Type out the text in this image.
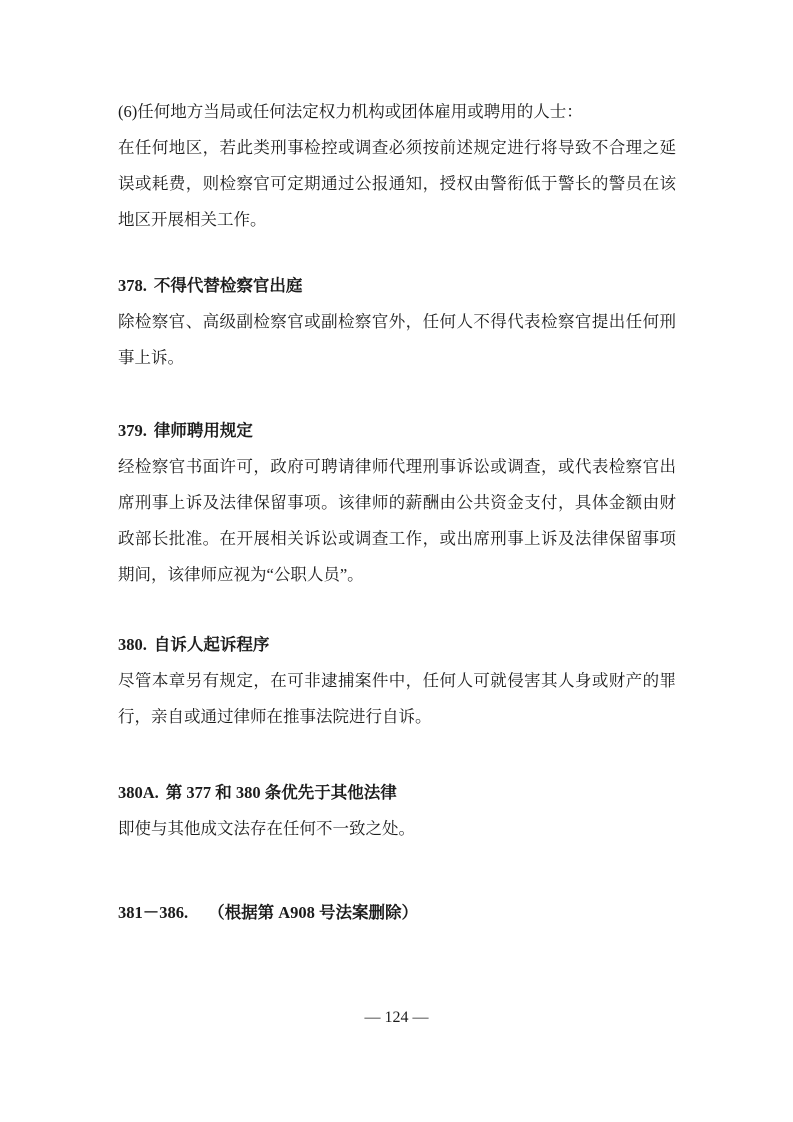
(6)任何地方当局或任何法定权力机构或团体雇用或聘用的人士：

在任何地区，若此类刑事检控或调查必须按前述规定进行将导致不合理之延误或耗费，则检察官可定期通过公报通知，授权由警衔低于警长的警员在该地区开展相关工作。

378. 不得代替检察官出庭

除检察官、高级副检察官或副检察官外，任何人不得代表检察官提出任何刑事上诉。

379. 律师聘用规定

经检察官书面许可，政府可聘请律师代理刑事诉讼或调查，或代表检察官出席刑事上诉及法律保留事项。该律师的薪酬由公共资金支付，具体金额由财政部长批准。在开展相关诉讼或调查工作，或出席刑事上诉及法律保留事项期间，该律师应视为“公职人员”。

380. 自诉人起诉程序

尽管本章另有规定，在可非逮捕案件中，任何人可就侵害其人身或财产的罪行，亲自或通过律师在推事法院进行自诉。

380A. 第 377 和 380 条优先于其他法律

即使与其他成文法存在任何不一致之处。

381－386. （根据第 A908 号法案删除）
— 124 —
